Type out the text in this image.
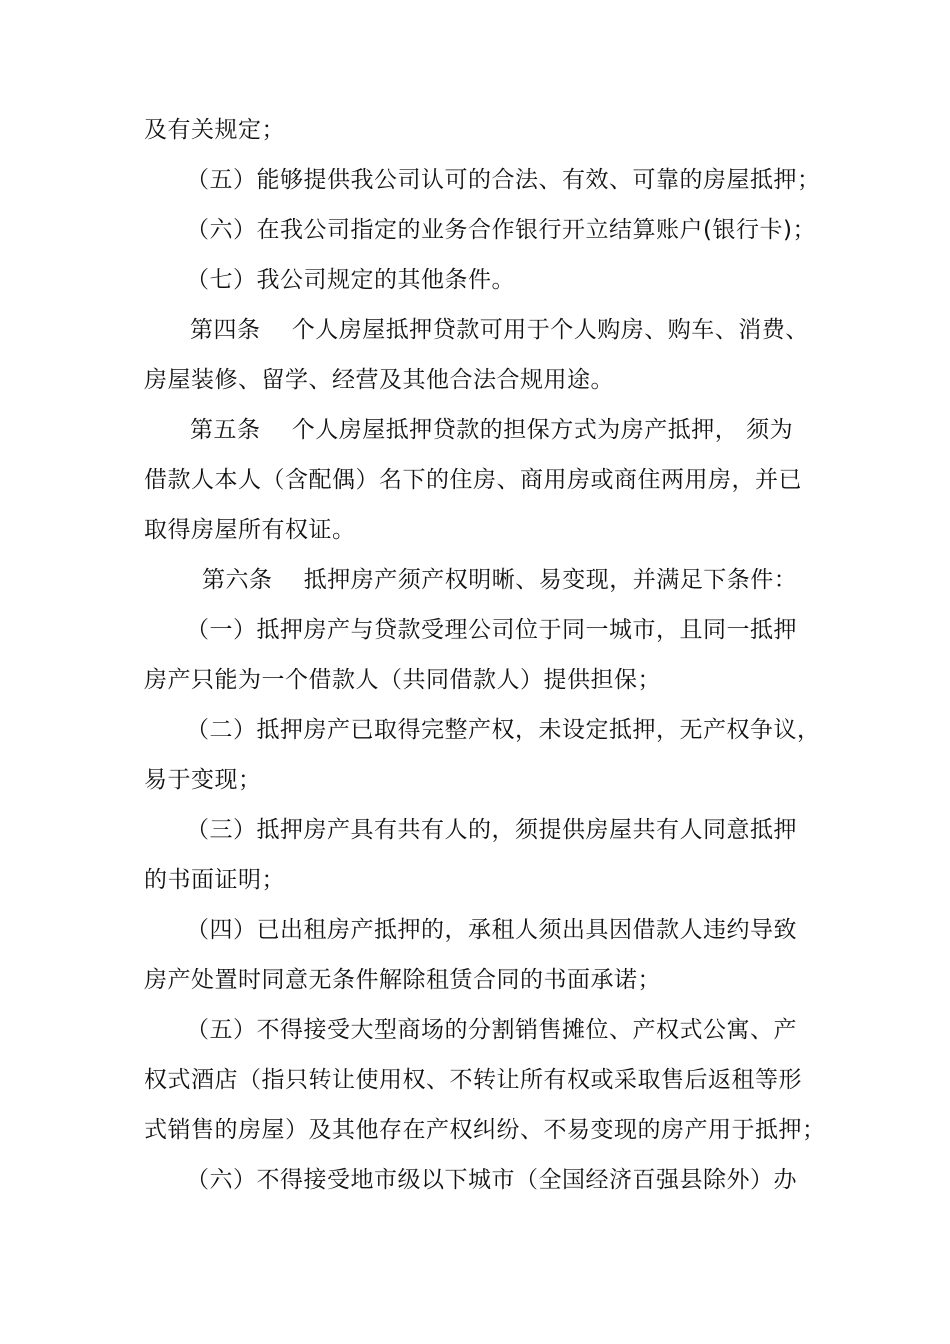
及有关规定；
（五）能够提供我公司认可的合法、有效、可靠的房屋抵押；
（六）在我公司指定的业务合作银行开立结算账户(银行卡)；
（七）我公司规定的其他条件。
第四条　 个人房屋抵押贷款可用于个人购房、购车、消费、
房屋装修、留学、经营及其他合法合规用途。
第五条　 个人房屋抵押贷款的担保方式为房产抵押， 须为
借款人本人（含配偶）名下的住房、商用房或商住两用房，并已
取得房屋所有权证。
第六条　 抵押房产须产权明晰、易变现，并满足下条件：
（一）抵押房产与贷款受理公司位于同一城市，且同一抵押
房产只能为一个借款人（共同借款人）提供担保；
（二）抵押房产已取得完整产权，未设定抵押，无产权争议，
易于变现；
（三）抵押房产具有共有人的，须提供房屋共有人同意抵押
的书面证明；
（四）已出租房产抵押的，承租人须出具因借款人违约导致
房产处置时同意无条件解除租赁合同的书面承诺；
（五）不得接受大型商场的分割销售摊位、产权式公寓、产
权式酒店（指只转让使用权、不转让所有权或采取售后返租等形
式销售的房屋）及其他存在产权纠纷、不易变现的房产用于抵押；
（六）不得接受地市级以下城市（全国经济百强县除外）办
